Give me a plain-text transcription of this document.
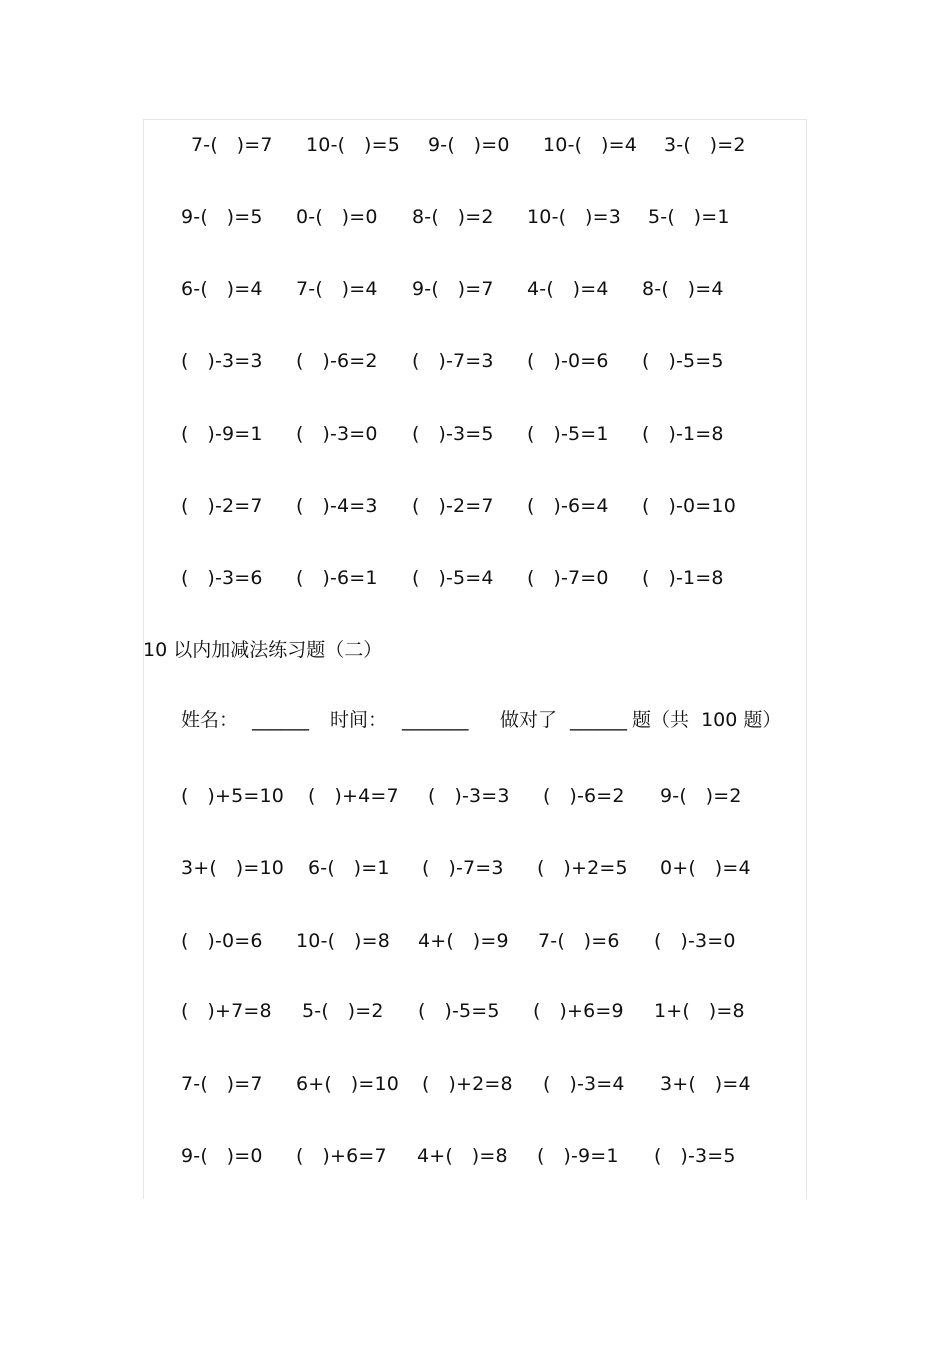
7-(   )=7 10-(   )=5 9-(   )=0 10-(   )=4 3-(   )=2
9-(   )=5 0-(   )=0 8-(   )=2 10-(   )=3 5-(   )=1
6-(   )=4 7-(   )=4 9-(   )=7 4-(   )=4 8-(   )=4
(   )-3=3 (   )-6=2 (   )-7=3 (   )-0=6 (   )-5=5
(   )-9=1 (   )-3=0 (   )-3=5 (   )-5=1 (   )-1=8
(   )-2=7 (   )-4=3 (   )-2=7 (   )-6=4 (   )-0=10
(   )-3=6 (   )-6=1 (   )-5=4 (   )-7=0 (   )-1=8
10 以内加减法练习题（二）
姓名： ______ 时间： _______ 做对了 ______ 题（共  100 题）
(   )+5=10 (   )+4=7 (   )-3=3 (   )-6=2 9-(   )=2
3+(   )=10 6-(   )=1 (   )-7=3 (   )+2=5 0+(   )=4
(   )-0=6 10-(   )=8 4+(   )=9 7-(   )=6 (   )-3=0
(   )+7=8 5-(   )=2 (   )-5=5 (   )+6=9 1+(   )=8
7-(   )=7 6+(   )=10 (   )+2=8 (   )-3=4 3+(   )=4
9-(   )=0 (   )+6=7 4+(   )=8 (   )-9=1 (   )-3=5
